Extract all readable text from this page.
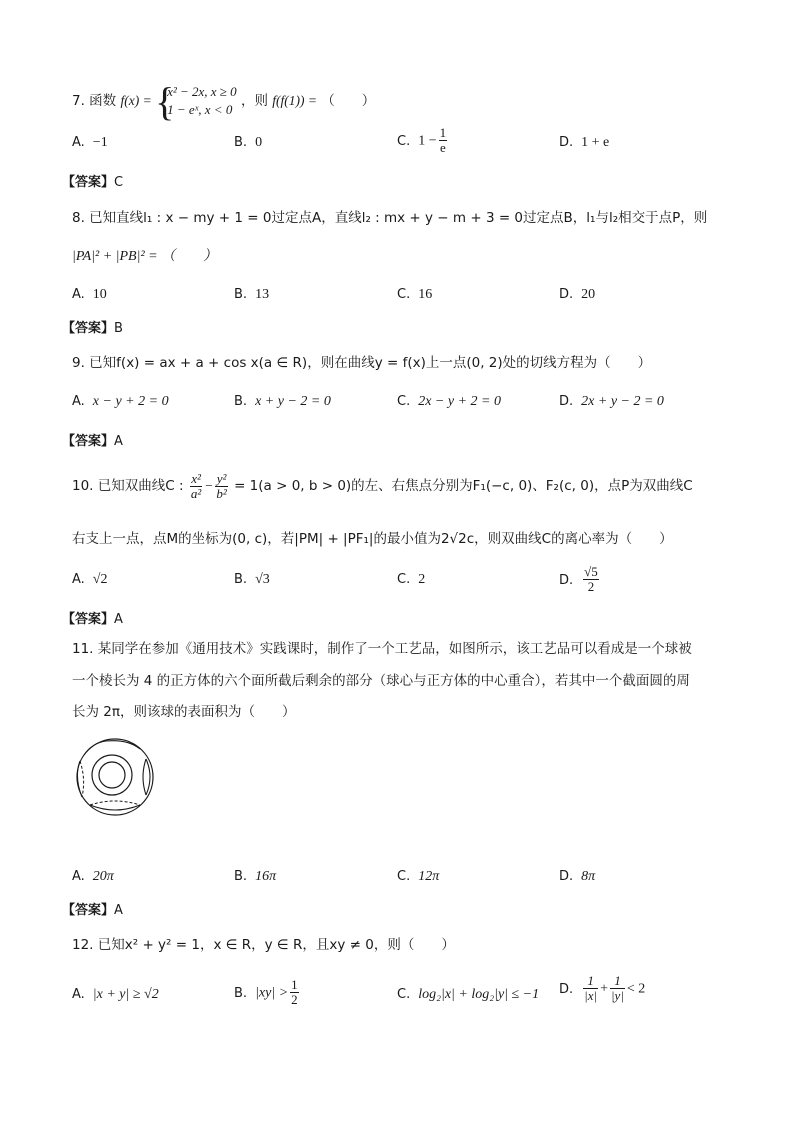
7. 函数 f(x) =
{ x² − 2x, x ≥ 0
1 − eˣ, x < 0
，则 f(f(1)) = （　　）
A. −1	B. 0	C. $1 - \frac{1}{e}$	D. 1 + e
【答案】C
8. 已知直线l₁ : x − my + 1 = 0过定点A，直线l₂ : mx + y − m + 3 = 0过定点B，l₁与l₂相交于点P，则
|PA|² + |PB|² = （　　）
A. 10	B. 13	C. 16	D. 20
【答案】B
9. 已知f(x) = ax + a + cos x(a ∈ R)，则在曲线y = f(x)上一点(0, 2)处的切线方程为（　　）
A. x − y + 2 = 0	B. x + y − 2 = 0	C. 2x − y + 2 = 0	D. 2x + y − 2 = 0
【答案】A
10. 已知双曲线C : $\frac{\text{x²}}{\text{a²}} - \frac{\text{y²}}{\text{b²}} = 1(a > 0$, b > 0)的左、右焦点分别为F₁(−c, 0)、F₂(c, 0)，点P为双曲线C
右支上一点，点M的坐标为(0, c)，若|PM| + |PF₁|的最小值为2√2c，则双曲线C的离心率为（　　）
A. √2	B. √3	C. 2	D. $\frac{√5}{2}$
【答案】A
11. 某同学在参加《通用技术》实践课时，制作了一个工艺品，如图所示，该工艺品可以看成是一个球被
一个棱长为 4 的正方体的六个面所截后剩余的部分（球心与正方体的中心重合），若其中一个截面圆的周
长为 2π，则该球的表面积为（　　）
A. 20π	B. 16π	C. 12π	D. 8π
【答案】A
12. 已知x² + y² = 1，x ∈ R，y ∈ R，且xy ≠ 0，则（　　）
A. |x + y| ≥ √2	B. $|xy| > \frac{1}{2}$	C. log₂|x| + log₂|y| ≤ −1 D. $\frac{1}{|x|} + \frac{1}{|y|} < 2$
